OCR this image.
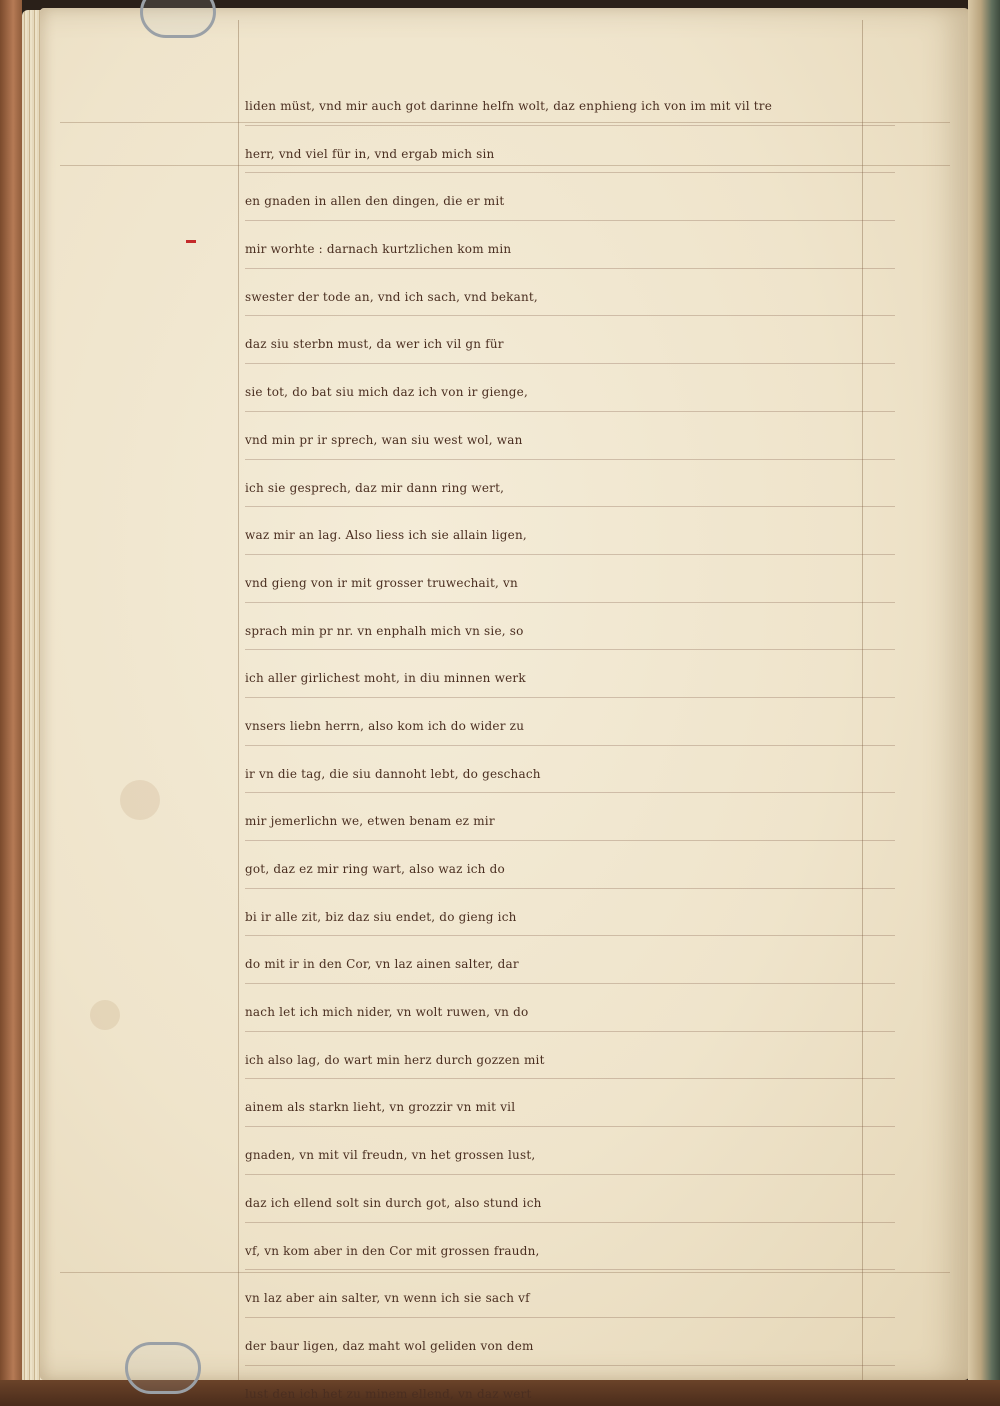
liden müst, vnd mir auch got darinne helfn wolt, daz enphieng ich von im mit vil tre
herr, vnd viel für in, vnd ergab mich sin
en gnaden in allen den dingen, die er mit
mir worhte : darnach kurtzlichen kom min
swester der tode an, vnd ich sach, vnd bekant,
daz siu sterbn must, da wer ich vil gn für
sie tot, do bat siu mich daz ich von ir gienge,
vnd min pr ir sprech, wan siu west wol, wan
ich sie gesprech, daz mir dann ring wert,
waz mir an lag. Also liess ich sie allain ligen,
vnd gieng von ir mit grosser truwechait, vn
sprach min pr nr. vn enphalh mich vn sie, so
ich aller girlichest moht, in diu minnen werk
vnsers liebn herrn, also kom ich do wider zu
ir vn die tag, die siu dannoht lebt, do geschach
mir jemerlichn we, etwen benam ez mir
got, daz ez mir ring wart, also waz ich do
bi ir alle zit, biz daz siu endet, do gieng ich
do mit ir in den Cor, vn laz ainen salter, dar
nach let ich mich nider, vn wolt ruwen, vn do
ich also lag, do wart min herz durch gozzen mit
ainem als starkn lieht, vn grozzir vn mit vil
gnaden, vn mit vil freudn, vn het grossen lust,
daz ich ellend solt sin durch got, also stund ich
vf, vn kom aber in den Cor mit grossen fraudn,
vn laz aber ain salter, vn wenn ich sie sach vf
der baur ligen, daz maht wol geliden von dem
lust den ich het zu minem ellend, vn daz wert
